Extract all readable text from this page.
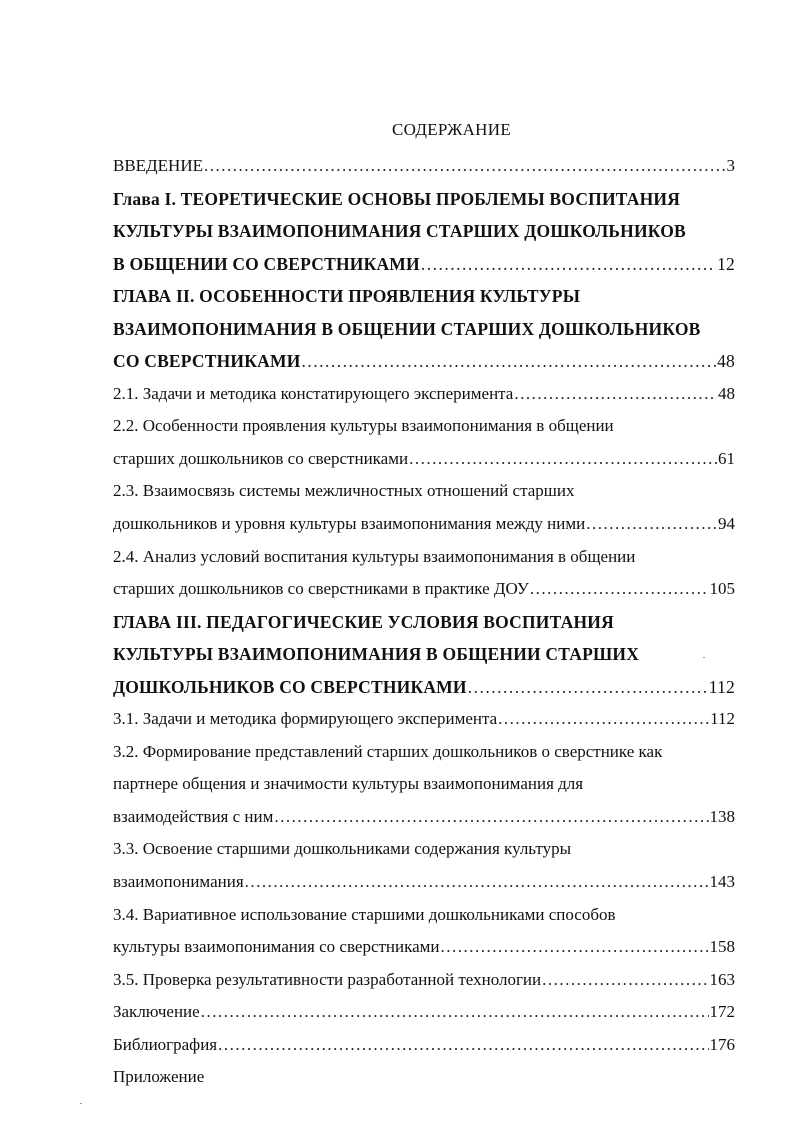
СОДЕРЖАНИЕ
ВВЕДЕНИЕ .....	3
Глава I. ТЕОРЕТИЧЕСКИЕ ОСНОВЫ ПРОБЛЕМЫ ВОСПИТАНИЯ
КУЛЬТУРЫ ВЗАИМОПОНИМАНИЯ СТАРШИХ ДОШКОЛЬНИКОВ
В ОБЩЕНИИ СО СВЕРСТНИКАМИ .....	12
ГЛАВА II. ОСОБЕННОСТИ ПРОЯВЛЕНИЯ КУЛЬТУРЫ
ВЗАИМОПОНИМАНИЯ В ОБЩЕНИИ СТАРШИХ ДОШКОЛЬНИКОВ
СО СВЕРСТНИКАМИ .....	48
2.1. Задачи и методика констатирующего эксперимента .....	48
2.2. Особенности проявления культуры взаимопонимания в общении
старших дошкольников со сверстниками .....	61
2.3. Взаимосвязь системы межличностных отношений старших
дошкольников и уровня культуры взаимопонимания между ними .....	94
2.4. Анализ условий воспитания культуры взаимопонимания в общении
старших дошкольников со сверстниками в практике ДОУ .....	105
ГЛАВА III. ПЕДАГОГИЧЕСКИЕ УСЛОВИЯ ВОСПИТАНИЯ
КУЛЬТУРЫ ВЗАИМОПОНИМАНИЯ В ОБЩЕНИИ СТАРШИХ
ДОШКОЛЬНИКОВ СО СВЕРСТНИКАМИ .....	112
3.1. Задачи и методика формирующего эксперимента .....	112
3.2. Формирование представлений старших дошкольников о сверстнике как
партнере общения и значимости культуры взаимопонимания для
взаимодействия с ним .....	138
3.3. Освоение старшими дошкольниками содержания культуры
взаимопонимания .....	143
3.4. Вариативное использование старшими дошкольниками способов
культуры взаимопонимания со сверстниками .....	158
3.5. Проверка результативности разработанной технологии .....	163
Заключение .....	172
Библиография .....	176
Приложение
